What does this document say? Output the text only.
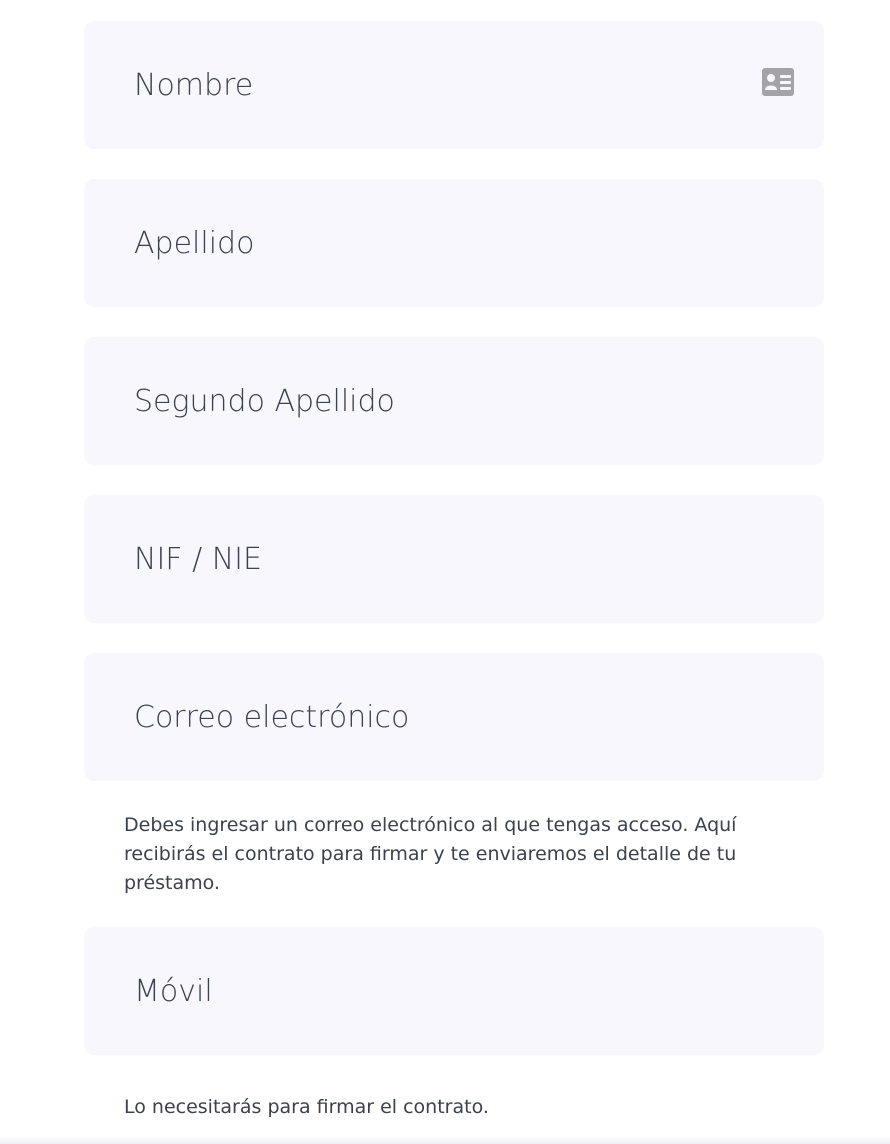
Nombre
Apellido
Segundo Apellido
NIF / NIE
Correo electrónico

Debes ingresar un correo electrónico al que tengas acceso. Aquí recibirás el contrato para firmar y te enviaremos el detalle de tu préstamo.

Móvil

Lo necesitarás para firmar el contrato.
